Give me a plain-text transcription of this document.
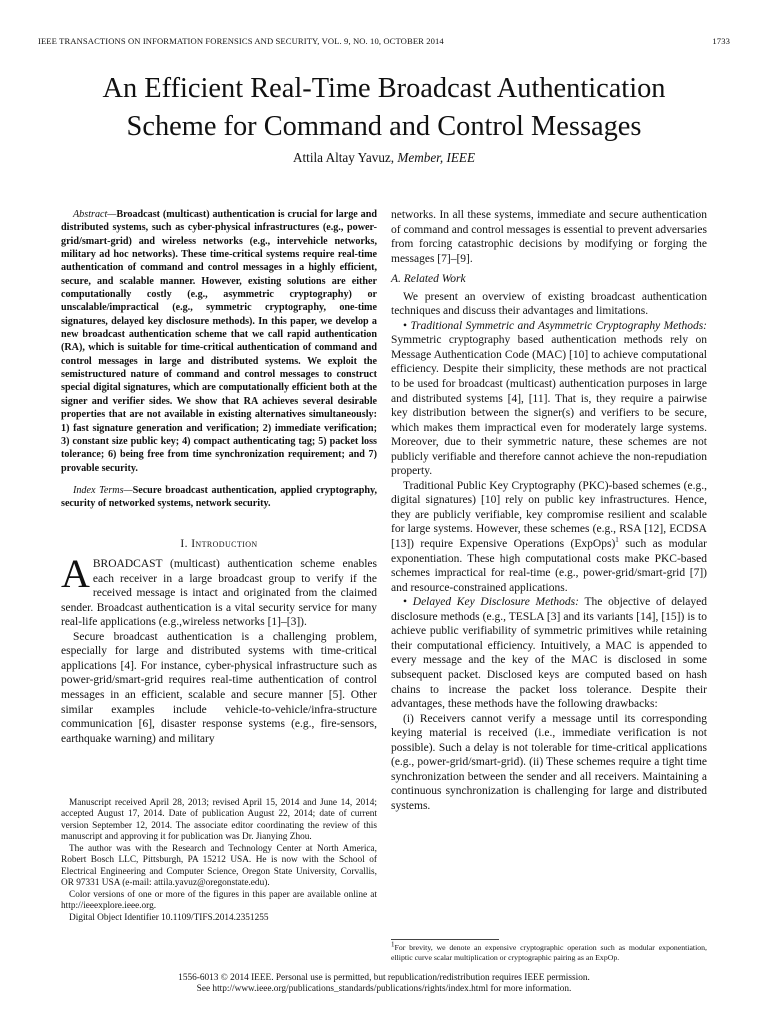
IEEE TRANSACTIONS ON INFORMATION FORENSICS AND SECURITY, VOL. 9, NO. 10, OCTOBER 2014	1733
An Efficient Real-Time Broadcast Authentication
Scheme for Command and Control Messages
Attila Altay Yavuz, Member, IEEE

Abstract—Broadcast (multicast) authentication is crucial for large and distributed systems, such as cyber-physical infrastructures (e.g., power-grid/smart-grid) and wireless networks (e.g., intervehicle networks, military ad hoc networks). These time-critical systems require real-time authentication of command and control messages in a highly efficient, secure, and scalable manner. However, existing solutions are either computationally costly (e.g., asymmetric cryptography) or unscalable/impractical (e.g., symmetric cryptography, one-time signatures, delayed key disclosure methods). In this paper, we develop a new broadcast authentication scheme that we call rapid authentication (RA), which is suitable for time-critical authentication of command and control messages in large and distributed systems. We exploit the semistructured nature of command and control messages to construct special digital signatures, which are computationally efficient both at the signer and verifier sides. We show that RA achieves several desirable properties that are not available in existing alternatives simultaneously: 1) fast signature generation and verification; 2) immediate verification; 3) constant size public key; 4) compact authenticating tag; 5) packet loss tolerance; 6) being free from time synchronization requirement; and 7) provable security.

Index Terms—Secure broadcast authentication, applied cryptography, security of networked systems, network security.

I. Introduction

ABROADCAST (multicast) authentication scheme enables each receiver in a large broadcast group to verify if the received message is intact and originated from the claimed sender. Broadcast authentication is a vital security service for many real-life applications (e.g.,wireless networks [1]–[3]).

Secure broadcast authentication is a challenging problem, especially for large and distributed systems with time-critical applications [4]. For instance, cyber-physical infrastructure such as power-grid/smart-grid requires real-time authentication of control messages in an efficient, scalable and secure manner [5]. Other similar examples include vehicle-to-vehicle/infra-structure communication [6], disaster response systems (e.g., fire-sensors, earthquake warning) and military

Manuscript received April 28, 2013; revised April 15, 2014 and June 14, 2014; accepted August 17, 2014. Date of publication August 22, 2014; date of current version September 12, 2014. The associate editor coordinating the review of this manuscript and approving it for publication was Dr. Jianying Zhou.

The author was with the Research and Technology Center at North America, Robert Bosch LLC, Pittsburgh, PA 15212 USA. He is now with the School of Electrical Engineering and Computer Science, Oregon State University, Corvallis, OR 97331 USA (e-mail: attila.yavuz@oregonstate.edu).

Color versions of one or more of the figures in this paper are available online at http://ieeexplore.ieee.org.

Digital Object Identifier 10.1109/TIFS.2014.2351255

networks. In all these systems, immediate and secure authentication of command and control messages is essential to prevent adversaries from forcing catastrophic decisions by modifying or forging the messages [7]–[9].

A. Related Work

We present an overview of existing broadcast authentication techniques and discuss their advantages and limitations.

• Traditional Symmetric and Asymmetric Cryptography Methods: Symmetric cryptography based authentication methods rely on Message Authentication Code (MAC) [10] to achieve computational efficiency. Despite their simplicity, these methods are not practical to be used for broadcast (multicast) authentication purposes in large and distributed systems [4], [11]. That is, they require a pairwise key distribution between the signer(s) and verifiers to be secure, which makes them impractical even for moderately large systems. Moreover, due to their symmetric nature, these schemes are not publicly verifiable and therefore cannot achieve the non-repudiation property.

Traditional Public Key Cryptography (PKC)-based schemes (e.g., digital signatures) [10] rely on public key infrastructures. Hence, they are publicly verifiable, key compromise resilient and scalable for large systems. However, these schemes (e.g., RSA [12], ECDSA [13]) require Expensive Operations (ExpOps)$^1$ such as modular exponentiation. These high computational costs make PKC-based schemes impractical for real-time (e.g., power-grid/smart-grid [7]) and resource-constrained applications.

• Delayed Key Disclosure Methods: The objective of delayed disclosure methods (e.g., TESLA [3] and its variants [14], [15]) is to achieve public verifiability of symmetric primitives while retaining their computational efficiency. Intuitively, a MAC is appended to every message and the key of the MAC is disclosed in some subsequent packet. Disclosed keys are computed based on hash chains to increase the packet loss tolerance. Despite their advantages, these methods have the following drawbacks:

(i) Receivers cannot verify a message until its corresponding keying material is received (i.e., immediate verification is not possible). Such a delay is not tolerable for time-critical applications (e.g., power-grid/smart-grid). (ii) These schemes require a tight time synchronization between the sender and all receivers. Maintaining a continuous synchronization is challenging for large and distributed systems.

$^1$For brevity, we denote an expensive cryptographic operation such as modular exponentiation, elliptic curve scalar multiplication or cryptographic pairing as an ExpOp.
1556-6013 © 2014 IEEE. Personal use is permitted, but republication/redistribution requires IEEE permission.
See http://www.ieee.org/publications_standards/publications/rights/index.html for more information.
